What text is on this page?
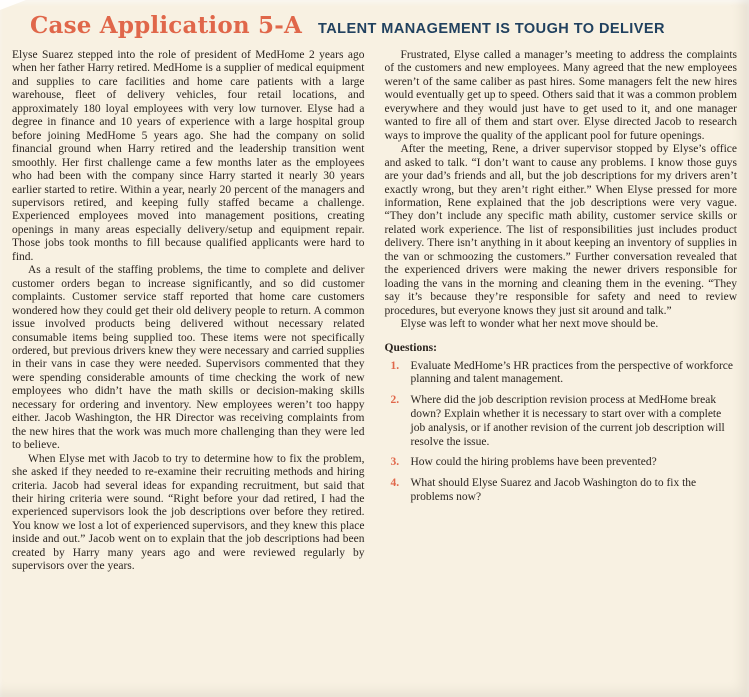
Case Application 5-A TALENT MANAGEMENT IS TOUGH TO DELIVER

Elyse Suarez stepped into the role of president of MedHome 2 years ago when her father Harry retired. MedHome is a supplier of medical equipment and supplies to care facilities and home care patients with a large warehouse, fleet of delivery vehicles, four retail locations, and approximately 180 loyal employees with very low turnover. Elyse had a degree in finance and 10 years of experience with a large hospital group before joining MedHome 5 years ago. She had the company on solid financial ground when Harry retired and the leadership transition went smoothly. Her first challenge came a few months later as the employees who had been with the company since Harry started it nearly 30 years earlier started to retire. Within a year, nearly 20 percent of the managers and supervisors retired, and keeping fully staffed became a challenge. Experienced employees moved into management positions, creating openings in many areas especially delivery/setup and equipment repair. Those jobs took months to fill because qualified applicants were hard to find.

As a result of the staffing problems, the time to complete and deliver customer orders began to increase significantly, and so did customer complaints. Customer service staff reported that home care customers wondered how they could get their old delivery people to return. A common issue involved products being delivered without necessary related consumable items being supplied too. These items were not specifically ordered, but previous drivers knew they were necessary and carried supplies in their vans in case they were needed. Supervisors commented that they were spending considerable amounts of time checking the work of new employees who didn’t have the math skills or decision-making skills necessary for ordering and inventory. New employees weren’t too happy either. Jacob Washington, the HR Director was receiving complaints from the new hires that the work was much more challenging than they were led to believe.

When Elyse met with Jacob to try to determine how to fix the problem, she asked if they needed to re-examine their recruiting methods and hiring criteria. Jacob had several ideas for expanding recruitment, but said that their hiring criteria were sound. “Right before your dad retired, I had the experienced supervisors look the job descriptions over before they retired. You know we lost a lot of experienced supervisors, and they knew this place inside and out.” Jacob went on to explain that the job descriptions had been created by Harry many years ago and were reviewed regularly by supervisors over the years.

Frustrated, Elyse called a manager’s meeting to address the complaints of the customers and new employees. Many agreed that the new employees weren’t of the same caliber as past hires. Some managers felt the new hires would eventually get up to speed. Others said that it was a common problem everywhere and they would just have to get used to it, and one manager wanted to fire all of them and start over. Elyse directed Jacob to research ways to improve the quality of the applicant pool for future openings.

After the meeting, Rene, a driver supervisor stopped by Elyse’s office and asked to talk. “I don’t want to cause any problems. I know those guys are your dad’s friends and all, but the job descriptions for my drivers aren’t exactly wrong, but they aren’t right either.” When Elyse pressed for more information, Rene explained that the job descriptions were very vague. “They don’t include any specific math ability, customer service skills or related work experience. The list of responsibilities just includes product delivery. There isn’t anything in it about keeping an inventory of supplies in the van or schmoozing the customers.” Further conversation revealed that the experienced drivers were making the newer drivers responsible for loading the vans in the morning and cleaning them in the evening. “They say it’s because they’re responsible for safety and need to review procedures, but everyone knows they just sit around and talk.”

Elyse was left to wonder what her next move should be.

Questions:
1. Evaluate MedHome’s HR practices from the perspective of workforce planning and talent management.
2. Where did the job description revision process at MedHome break down? Explain whether it is necessary to start over with a complete job analysis, or if another revision of the current job description will resolve the issue.
3. How could the hiring problems have been prevented?
4. What should Elyse Suarez and Jacob Washington do to fix the problems now?
